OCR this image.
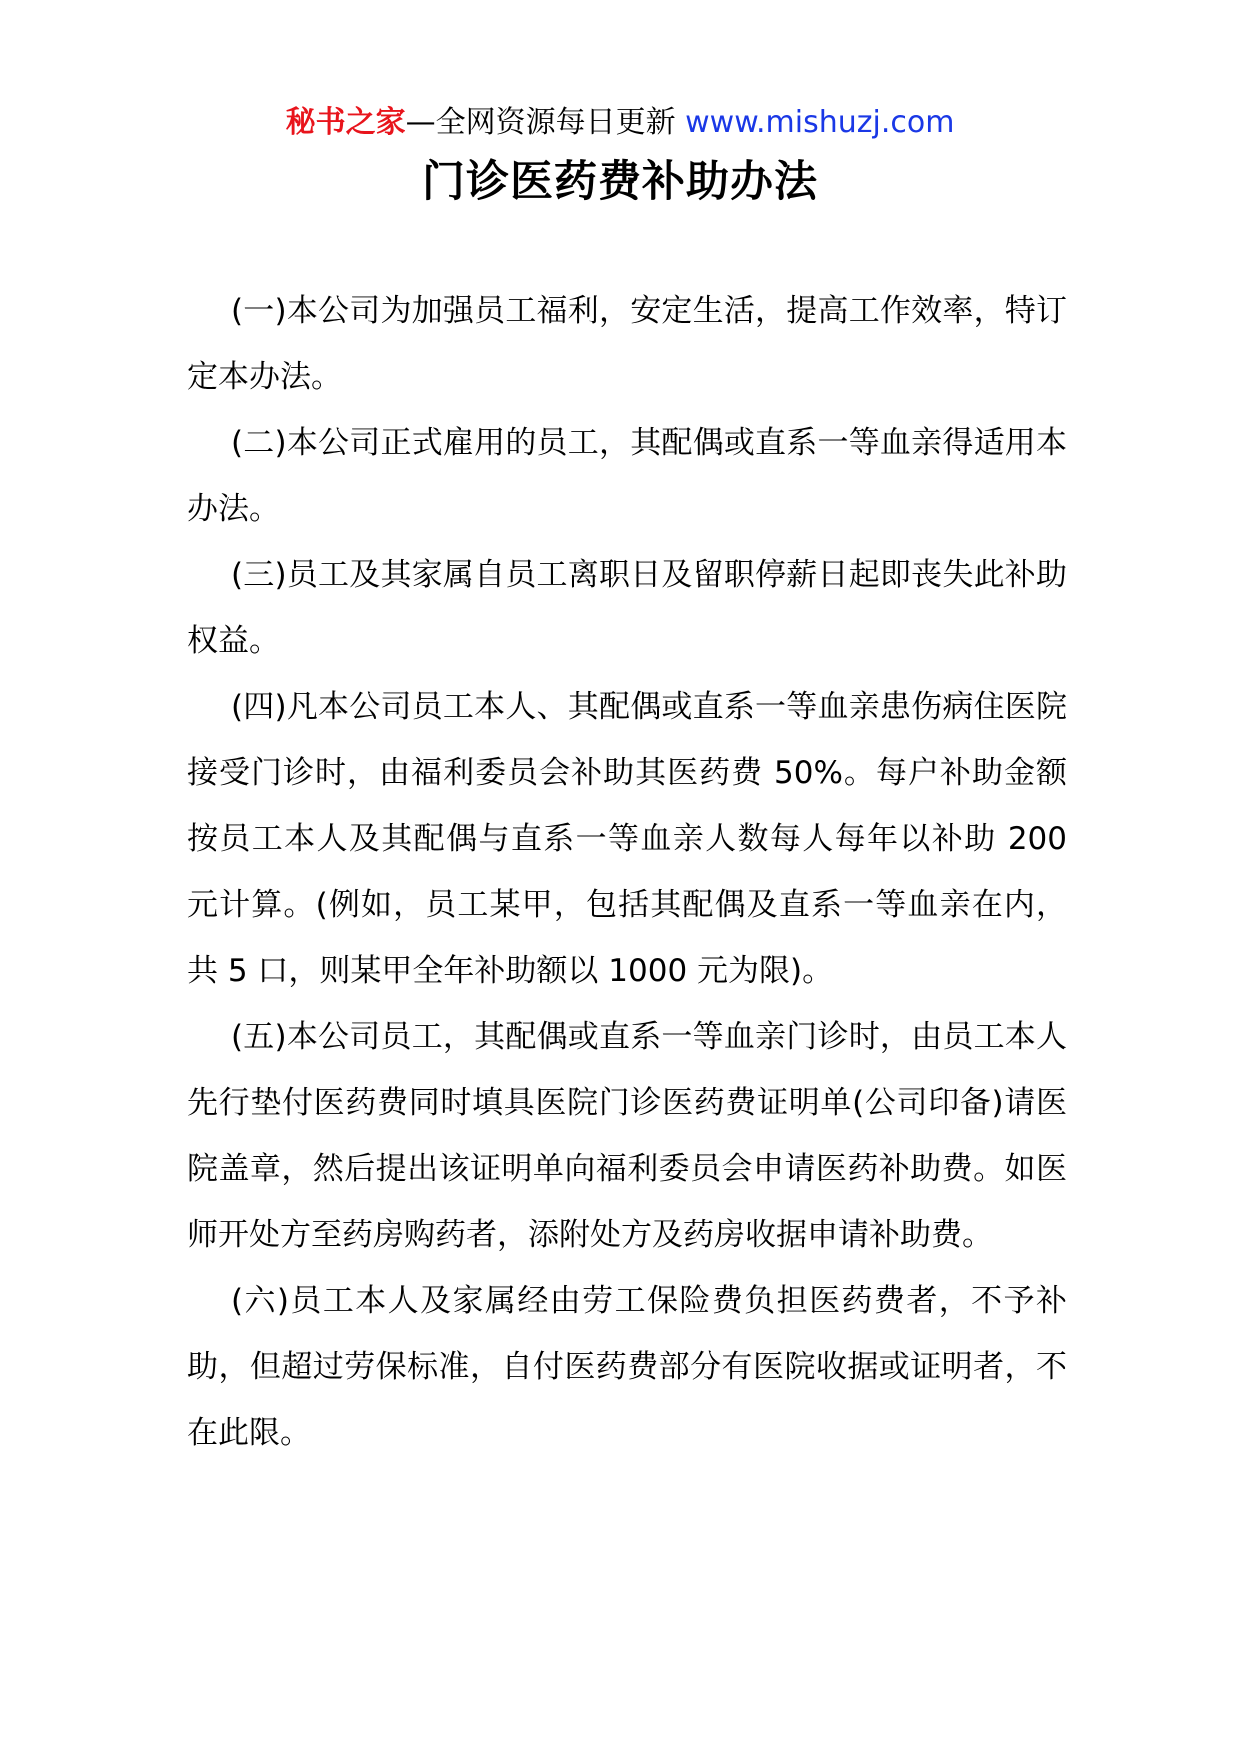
秘书之家—全网资源每日更新 www.mishuzj.com
门诊医药费补助办法

(一)本公司为加强员工福利，安定生活，提高工作效率，特订定本办法。

(二)本公司正式雇用的员工，其配偶或直系一等血亲得适用本办法。

(三)员工及其家属自员工离职日及留职停薪日起即丧失此补助权益。

(四)凡本公司员工本人、其配偶或直系一等血亲患伤病住医院接受门诊时，由福利委员会补助其医药费 50%。每户补助金额按员工本人及其配偶与直系一等血亲人数每人每年以补助 200 元计算。(例如，员工某甲，包括其配偶及直系一等血亲在内，共 5 口，则某甲全年补助额以 1000 元为限)。

(五)本公司员工，其配偶或直系一等血亲门诊时，由员工本人先行垫付医药费同时填具医院门诊医药费证明单(公司印备)请医院盖章，然后提出该证明单向福利委员会申请医药补助费。如医师开处方至药房购药者，添附处方及药房收据申请补助费。

(六)员工本人及家属经由劳工保险费负担医药费者，不予补助，但超过劳保标准，自付医药费部分有医院收据或证明者，不在此限。
